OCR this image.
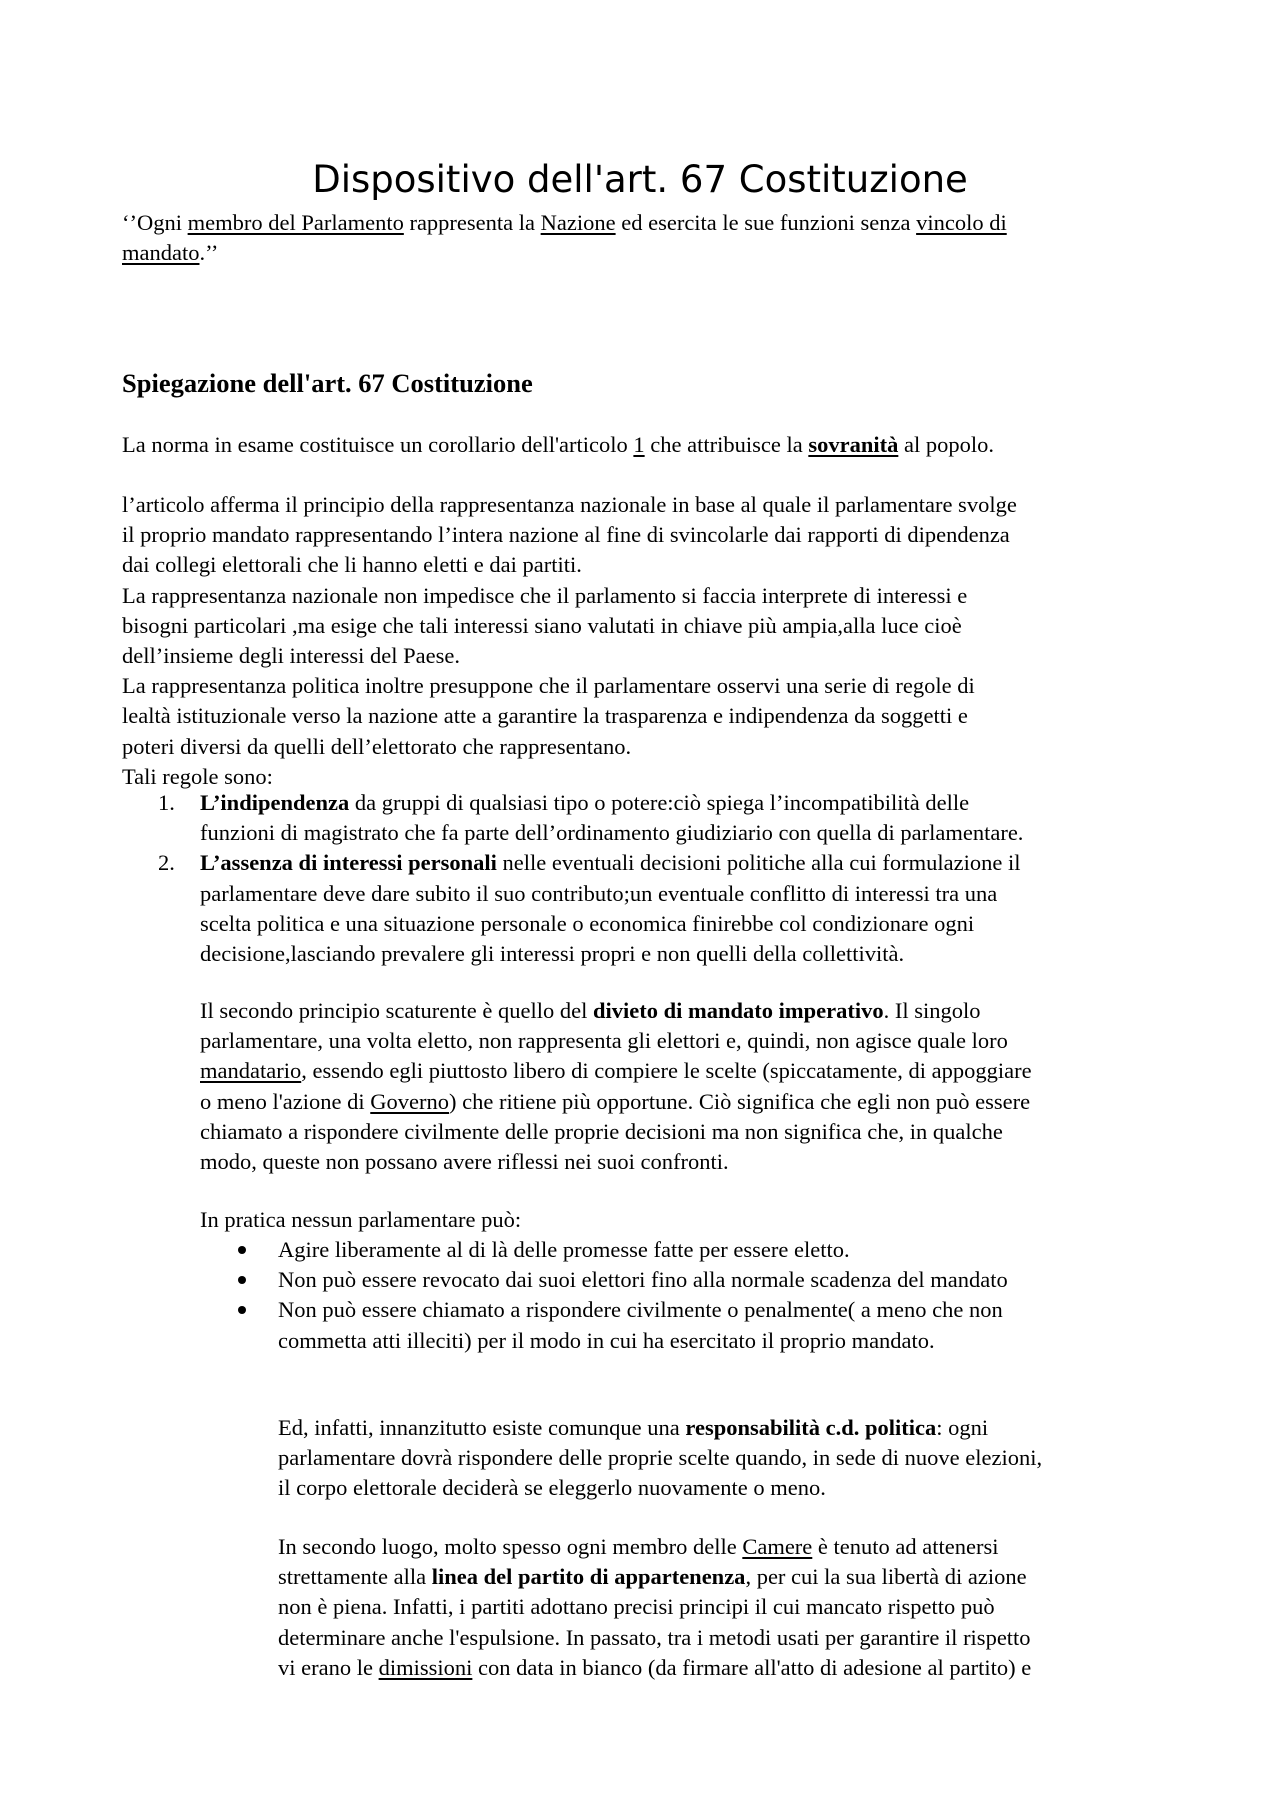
Dispositivo dell'art. 67 Costituzione
‘’Ogni membro del Parlamento rappresenta la Nazione ed esercita le sue funzioni senza vincolo di
mandato.’’
Spiegazione dell'art. 67 Costituzione
La norma in esame costituisce un corollario dell'articolo 1 che attribuisce la sovranità al popolo.
l’articolo afferma il principio della rappresentanza nazionale in base al quale il parlamentare svolge
il proprio mandato rappresentando l’intera nazione al fine di svincolarle dai rapporti di dipendenza
dai collegi elettorali che li hanno eletti e dai partiti.
La rappresentanza nazionale non impedisce che il parlamento si faccia interprete di interessi e
bisogni particolari ,ma esige che tali interessi siano valutati in chiave più ampia,alla luce cioè
dell’insieme degli interessi del Paese.
La rappresentanza politica inoltre presuppone che il parlamentare osservi una serie di regole di
lealtà istituzionale verso la nazione atte a garantire la trasparenza e indipendenza da soggetti e
poteri diversi da quelli dell’elettorato che rappresentano.
Tali regole sono:
1. L’indipendenza da gruppi di qualsiasi tipo o potere:ciò spiega l’incompatibilità delle
funzioni di magistrato che fa parte dell’ordinamento giudiziario con quella di parlamentare.
2. L’assenza di interessi personali nelle eventuali decisioni politiche alla cui formulazione il
parlamentare deve dare subito il suo contributo;un eventuale conflitto di interessi tra una
scelta politica e una situazione personale o economica finirebbe col condizionare ogni
decisione,lasciando prevalere gli interessi propri e non quelli della collettività.
Il secondo principio scaturente è quello del divieto di mandato imperativo. Il singolo
parlamentare, una volta eletto, non rappresenta gli elettori e, quindi, non agisce quale loro
mandatario, essendo egli piuttosto libero di compiere le scelte (spiccatamente, di appoggiare
o meno l'azione di Governo) che ritiene più opportune. Ciò significa che egli non può essere
chiamato a rispondere civilmente delle proprie decisioni ma non significa che, in qualche
modo, queste non possano avere riflessi nei suoi confronti.
In pratica nessun parlamentare può:
Agire liberamente al di là delle promesse fatte per essere eletto.
Non può essere revocato dai suoi elettori fino alla normale scadenza del mandato
Non può essere chiamato a rispondere civilmente o penalmente( a meno che non
commetta atti illeciti) per il modo in cui ha esercitato il proprio mandato.
Ed, infatti, innanzitutto esiste comunque una responsabilità c.d. politica: ogni
parlamentare dovrà rispondere delle proprie scelte quando, in sede di nuove elezioni,
il corpo elettorale deciderà se eleggerlo nuovamente o meno.
In secondo luogo, molto spesso ogni membro delle Camere è tenuto ad attenersi
strettamente alla linea del partito di appartenenza, per cui la sua libertà di azione
non è piena. Infatti, i partiti adottano precisi principi il cui mancato rispetto può
determinare anche l'espulsione. In passato, tra i metodi usati per garantire il rispetto
vi erano le dimissioni con data in bianco (da firmare all'atto di adesione al partito) e
